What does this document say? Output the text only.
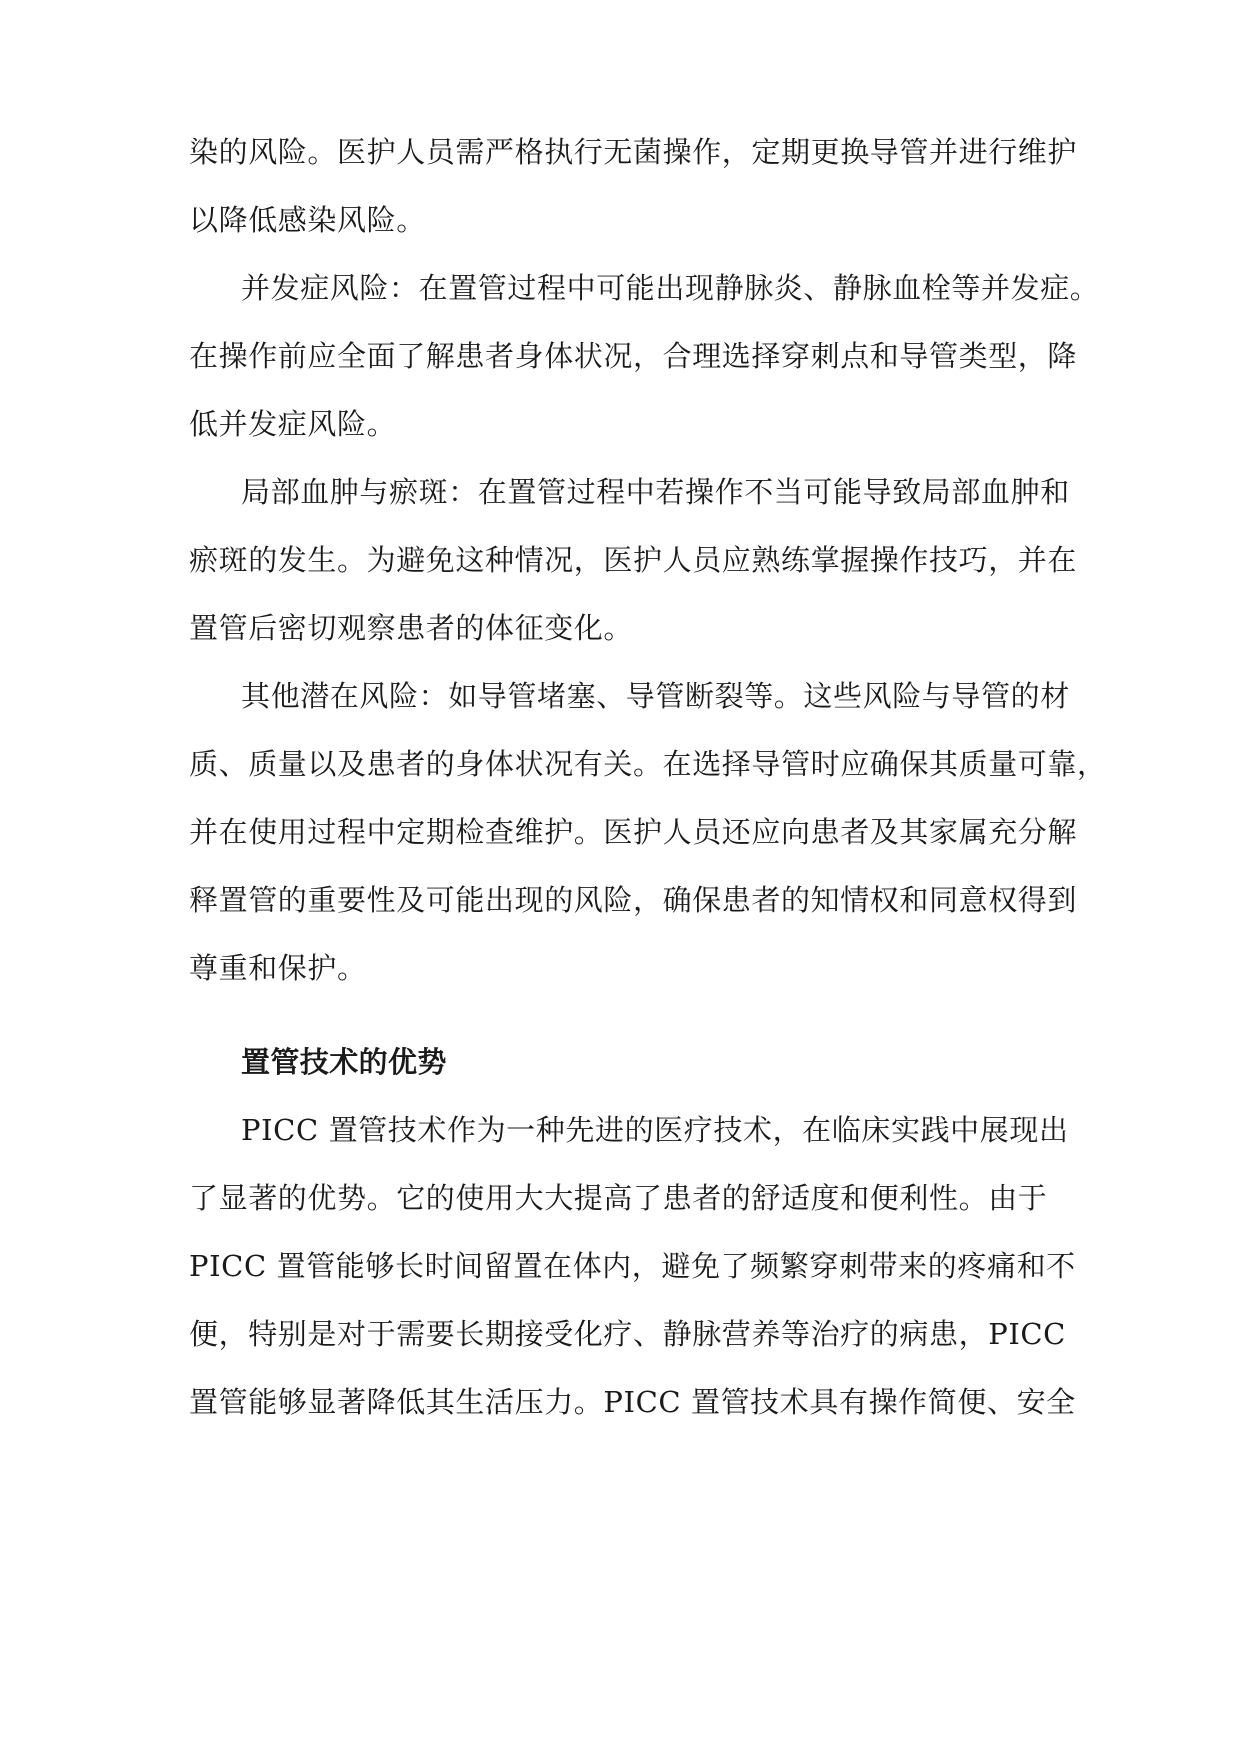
染的风险。医护人员需严格执行无菌操作，定期更换导管并进行维护
以降低感染风险。
并发症风险：在置管过程中可能出现静脉炎、静脉血栓等并发症。
在操作前应全面了解患者身体状况，合理选择穿刺点和导管类型，降
低并发症风险。
局部血肿与瘀斑：在置管过程中若操作不当可能导致局部血肿和
瘀斑的发生。为避免这种情况，医护人员应熟练掌握操作技巧，并在
置管后密切观察患者的体征变化。
其他潜在风险：如导管堵塞、导管断裂等。这些风险与导管的材
质、质量以及患者的身体状况有关。在选择导管时应确保其质量可靠，
并在使用过程中定期检查维护。医护人员还应向患者及其家属充分解
释置管的重要性及可能出现的风险，确保患者的知情权和同意权得到
尊重和保护。
置管技术的优势
PICC 置管技术作为一种先进的医疗技术，在临床实践中展现出
了显著的优势。它的使用大大提高了患者的舒适度和便利性。由于
PICC 置管能够长时间留置在体内，避免了频繁穿刺带来的疼痛和不
便，特别是对于需要长期接受化疗、静脉营养等治疗的病患，PICC
置管能够显著降低其生活压力。PICC 置管技术具有操作简便、安全
